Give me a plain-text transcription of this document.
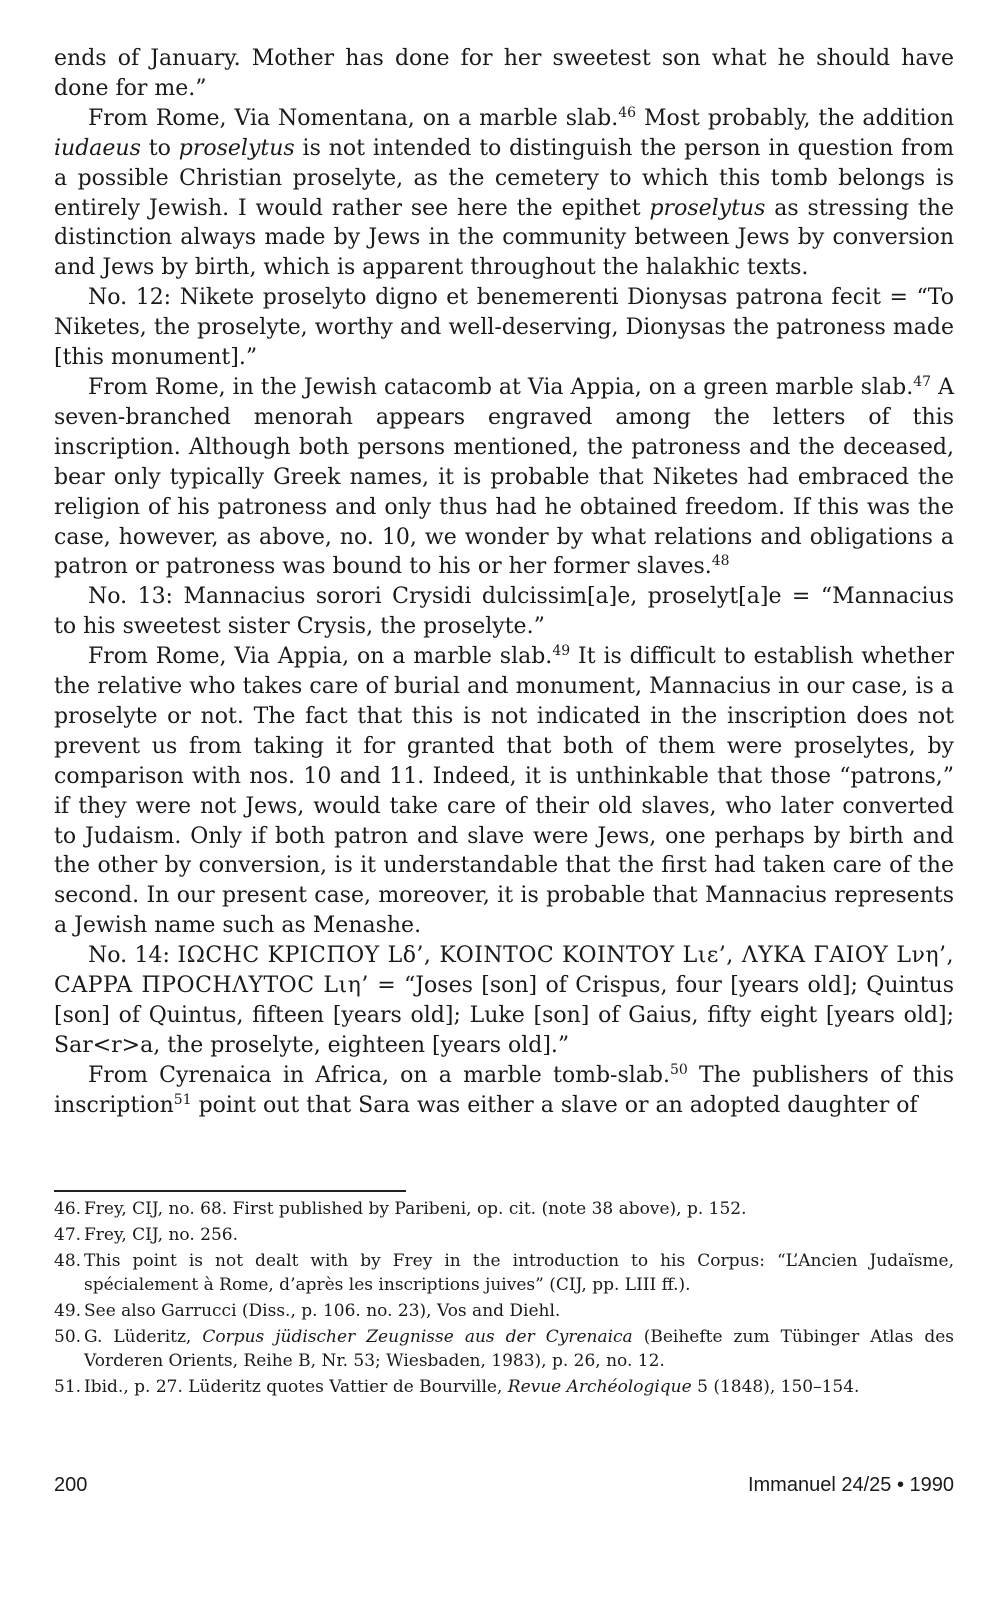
ends of January. Mother has done for her sweetest son what he should have done for me.”

From Rome, Via Nomentana, on a marble slab.$^{46}$ Most probably, the addition iudaeus to proselytus is not intended to distinguish the person in question from a possible Christian proselyte, as the cemetery to which this tomb belongs is entirely Jewish. I would rather see here the epithet proselytus as stressing the distinction always made by Jews in the community between Jews by conversion and Jews by birth, which is apparent throughout the halakhic texts.

No. 12: Nikete proselyto digno et benemerenti Dionysas patrona fecit = “To Niketes, the proselyte, worthy and well-deserving, Dionysas the patroness made [this monument].”

From Rome, in the Jewish catacomb at Via Appia, on a green marble slab.$^{47}$ A seven-branched menorah appears engraved among the letters of this inscription. Although both persons mentioned, the patroness and the deceased, bear only typically Greek names, it is probable that Niketes had embraced the religion of his patroness and only thus had he obtained freedom. If this was the case, however, as above, no. 10, we wonder by what relations and obligations a patron or patroness was bound to his or her former slaves.$^{48}$

No. 13: Mannacius sorori Crysidi dulcissim[a]e, proselyt[a]e = “Mannacius to his sweetest sister Crysis, the proselyte.”

From Rome, Via Appia, on a marble slab.$^{49}$ It is difficult to establish whether the relative who takes care of burial and monument, Mannacius in our case, is a proselyte or not. The fact that this is not indicated in the inscription does not prevent us from taking it for granted that both of them were proselytes, by comparison with nos. 10 and 11. Indeed, it is unthinkable that those “patrons,” if they were not Jews, would take care of their old slaves, who later converted to Judaism. Only if both patron and slave were Jews, one perhaps by birth and the other by conversion, is it understandable that the first had taken care of the second. In our present case, moreover, it is probable that Mannacius represents a Jewish name such as Menashe.

No. 14: IΩCHC KPICΠOY Lδ’, KOINTOC KOINTOY Lιε’, ΛYKA ΓAIOY Lνη’, CAPPA ΠPOCHΛYTOC Lιη’ = “Joses [son] of Crispus, four [years old]; Quintus [son] of Quintus, fifteen [years old]; Luke [son] of Gaius, fifty eight [years old]; Sar<r>a, the proselyte, eighteen [years old].”

From Cyrenaica in Africa, on a marble tomb-slab.$^{50}$ The publishers of this inscription$^{51}$ point out that Sara was either a slave or an adopted daughter of

46. Frey, CIJ, no. 68. First published by Paribeni, op. cit. (note 38 above), p. 152.

47. Frey, CIJ, no. 256.

48. This point is not dealt with by Frey in the introduction to his Corpus: “L’Ancien Judaïsme, spécialement à Rome, d’après les inscriptions juives” (CIJ, pp. LIII ff.).

49. See also Garrucci (Diss., p. 106. no. 23), Vos and Diehl.

50. G. Lüderitz, Corpus jüdischer Zeugnisse aus der Cyrenaica (Beihefte zum Tübinger Atlas des Vorderen Orients, Reihe B, Nr. 53; Wiesbaden, 1983), p. 26, no. 12.

51. Ibid., p. 27. Lüderitz quotes Vattier de Bourville, Revue Archéologique 5 (1848), 150–154.

200	Immanuel 24/25 • 1990
